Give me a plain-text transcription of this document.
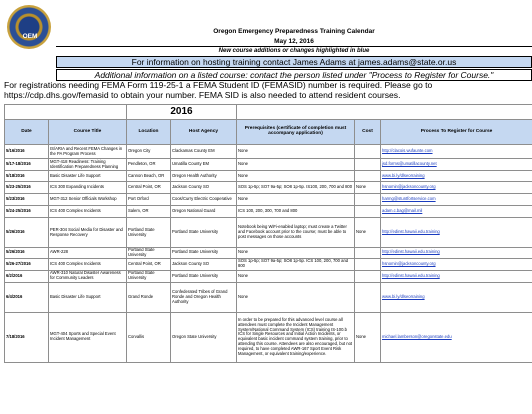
OEM
Oregon Emergency Preparedness Training Calendar
May 12, 2016
New course additions or changes highlighted in blue
For information on hosting training contact James Adams at james.adams@state.or.us
Additional information on a listed course: contact the person listed under "Process to Register for Course."
For registrations needing FEMA Form 119-25-1 a FEMA Student ID (FEMASID) number is required. Please go to
https://cdp.dhs.gov/femasid to obtain your number. FEMA SID is also needed to attend resident courses.
		2016				
Date	Course Title	Location	Host Agency	Prerequisites (certificate of completion must accompany application)	Cost	Process To Register for Course
5/16/2016	IS/ARIA and Recent FEMA Changes in the PA Program Process	Oregon City	Clackamas County EM	None		http://clacois.wufaunte.com
5/17-18/2016	MGT-418 Readiness: Training Identification Preparedness Planning	Pendleton, OR	Umatilla County EM	None		jsd.forms@umatillacounty.net
5/18/2016	Basic Disaster Life Support	Cannon Beach, OR	Oregon Health Authority	None		www.bi.ly/dlseorraining
5/23-25/2016	ICS 300 Expanding Incidents	Central Point, OR	Jackson County SO	SOS 1p-5p; SO7 9a-5p; SO8 1p-5p. IS100, 200, 700 and 800	None	hsnomin@jacksoncounty.org
5/23/2016	MGT-312 Senior Officials Workshop	Port Orford	Coos/Curry Electric Cooperative	None		harmg@stuntfortservice.com
5/24-25/2016	ICS 400 Complex Incidents	Salem, OR	Oregon National Guard	ICS 100, 200, 300, 700 and 800		adam.c.bag@mail.mil
5/26/2016	PER-304 Social Media for Disaster and Response Recovery	Portland State University	Portland State University	Notebook being WiFi-enabled laptop; must create a Twitter and Facebook account prior to the course; must be able to post messages on those accounts	None	http://edinst.hawaii.edu.training
5/26/2016	AWR-228	Portland State University	Portland State University	None		http://edinst.hawaii.edu.training
5/26-27/2016	ICS 400 Complex Incidents	Central Point, OR	Jackson County SO	SOS 1p-5p; SO7 9a-5p; SO8 1p-5p. ICS 100, 200, 700 and 800		hsnomin@jacksoncounty.org
6/2/2016	AWR-310 Natural Disaster Awareness for Community Leaders	Portland State University	Portland State University	None		http://edinst.hawaii.edu.training
6/4/2016	Basic Disaster Life Support	Grand Ronde	Confederated Tribes of Grand Ronde and Oregon Health Authority	None		www.bi.ly/dlseorraining
7/18/2016	MGT-404 Sports and Special Event Incident Management	Corvallis	Oregon State University	In order to be prepared for this advanced level course all attendees must complete the Incident Management System/National Command System (ICS) training IS-100.b ICS for Single Resources and Initial Action Incidents, or equivalent basic incident command system training, prior to attending this course. Attendees are also encouraged, but not required, to have completed AWR-167 Sport Event Risk Management, or equivalent training/experience.	None	michael.lamberson@oregonstate.edu
